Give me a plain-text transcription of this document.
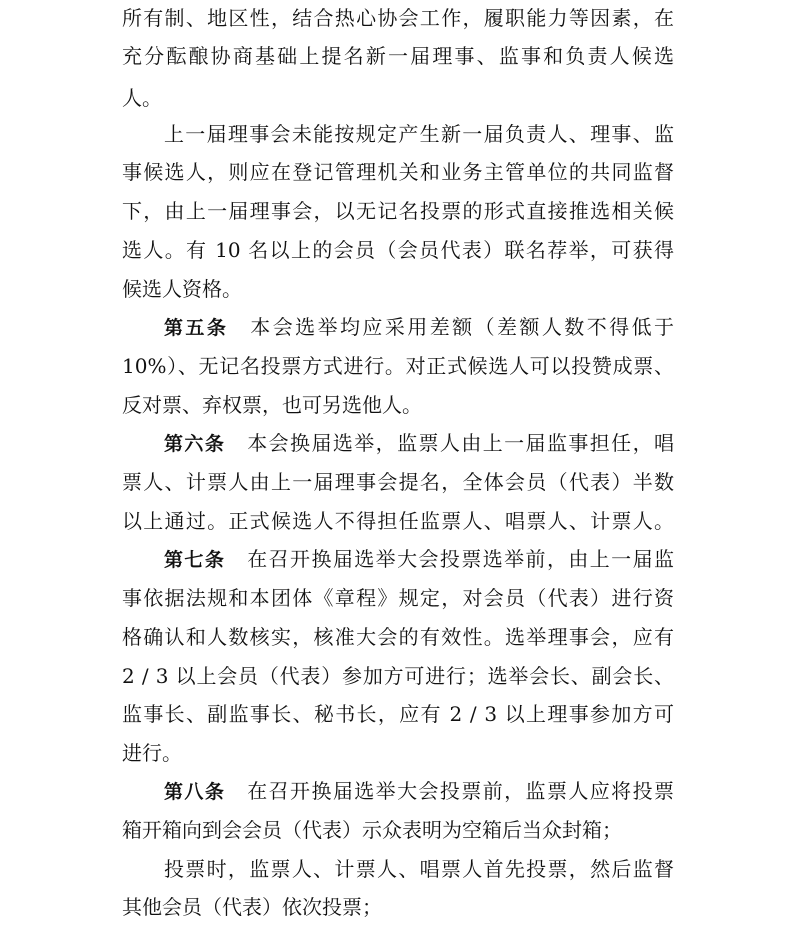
所有制、地区性，结合热心协会工作，履职能力等因素，在
充分酝酿协商基础上提名新一届理事、监事和负责人候选
人。
上一届理事会未能按规定产生新一届负责人、理事、监
事候选人，则应在登记管理机关和业务主管单位的共同监督
下，由上一届理事会，以无记名投票的形式直接推选相关候
选人。有 10 名以上的会员（会员代表）联名荐举，可获得
候选人资格。
第五条 本会选举均应采用差额（差额人数不得低于
10%）、无记名投票方式进行。对正式候选人可以投赞成票、
反对票、弃权票，也可另选他人。
第六条 本会换届选举，监票人由上一届监事担任，唱
票人、计票人由上一届理事会提名，全体会员（代表）半数
以上通过。正式候选人不得担任监票人、唱票人、计票人。
第七条 在召开换届选举大会投票选举前，由上一届监
事依据法规和本团体《章程》规定，对会员（代表）进行资
格确认和人数核实，核准大会的有效性。选举理事会，应有
2 / 3 以上会员（代表）参加方可进行；选举会长、副会长、
监事长、副监事长、秘书长，应有 2 / 3 以上理事参加方可
进行。
第八条 在召开换届选举大会投票前，监票人应将投票
箱开箱向到会会员（代表）示众表明为空箱后当众封箱；
投票时，监票人、计票人、唱票人首先投票，然后监督
其他会员（代表）依次投票；
